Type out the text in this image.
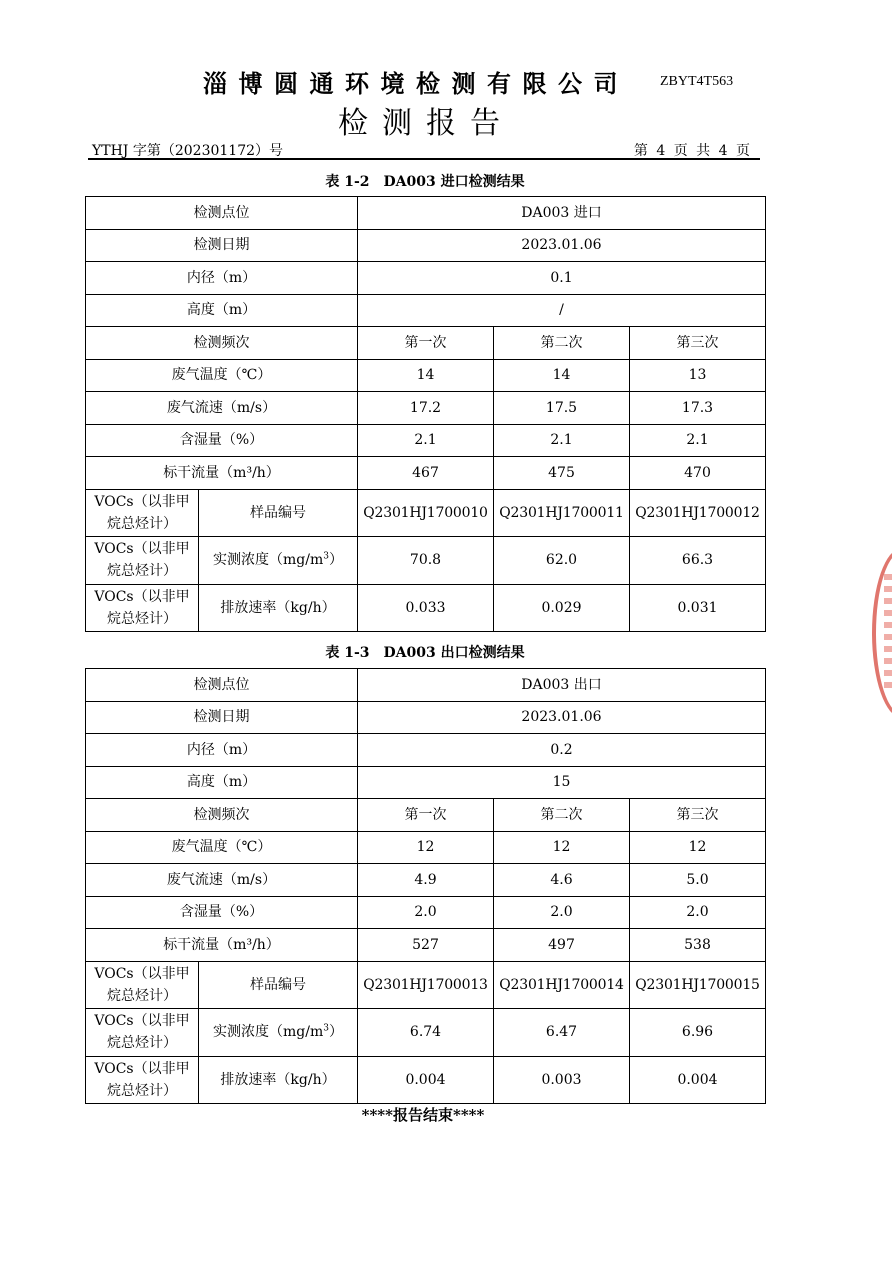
淄博圆通环境检测有限公司 ZBYT4T563
检测报告
YTHJ 字第（202301172）号	第 4 页 共 4 页
表 1-2　DA003 进口检测结果
检测点位		DA003 进口		
检测日期		2023.01.06		
内径（m）		0.1		
高度（m）		/		
检测频次		第一次	第二次	第三次
废气温度（℃）		14	14	13
废气流速（m/s）		17.2	17.5	17.3
含湿量（%）		2.1	2.1	2.1
标干流量（m³/h）		467	475	470
VOCs（以非甲烷总烃计）	样品编号	Q2301HJ1700010	Q2301HJ1700011	Q2301HJ1700012
VOCs（以非甲烷总烃计）	实测浓度$(mg/m^3)$	70.8	62.0	66.3
VOCs（以非甲烷总烃计）	排放速率（kg/h）	0.033	0.029	0.031
表 1-3　DA003 出口检测结果
检测点位		DA003 出口		
检测日期		2023.01.06		
内径（m）		0.2		
高度（m）		15		
检测频次		第一次	第二次	第三次
废气温度（℃）		12	12	12
废气流速（m/s）		4.9	4.6	5.0
含湿量（%）		2.0	2.0	2.0
标干流量（m³/h）		527	497	538
VOCs（以非甲烷总烃计）	样品编号	Q2301HJ1700013	Q2301HJ1700014	Q2301HJ1700015
VOCs（以非甲烷总烃计）	实测浓度$(mg/m^3)$	6.74	6.47	6.96
VOCs（以非甲烷总烃计）	排放速率（kg/h）	0.004	0.003	0.004
****报告结束****
